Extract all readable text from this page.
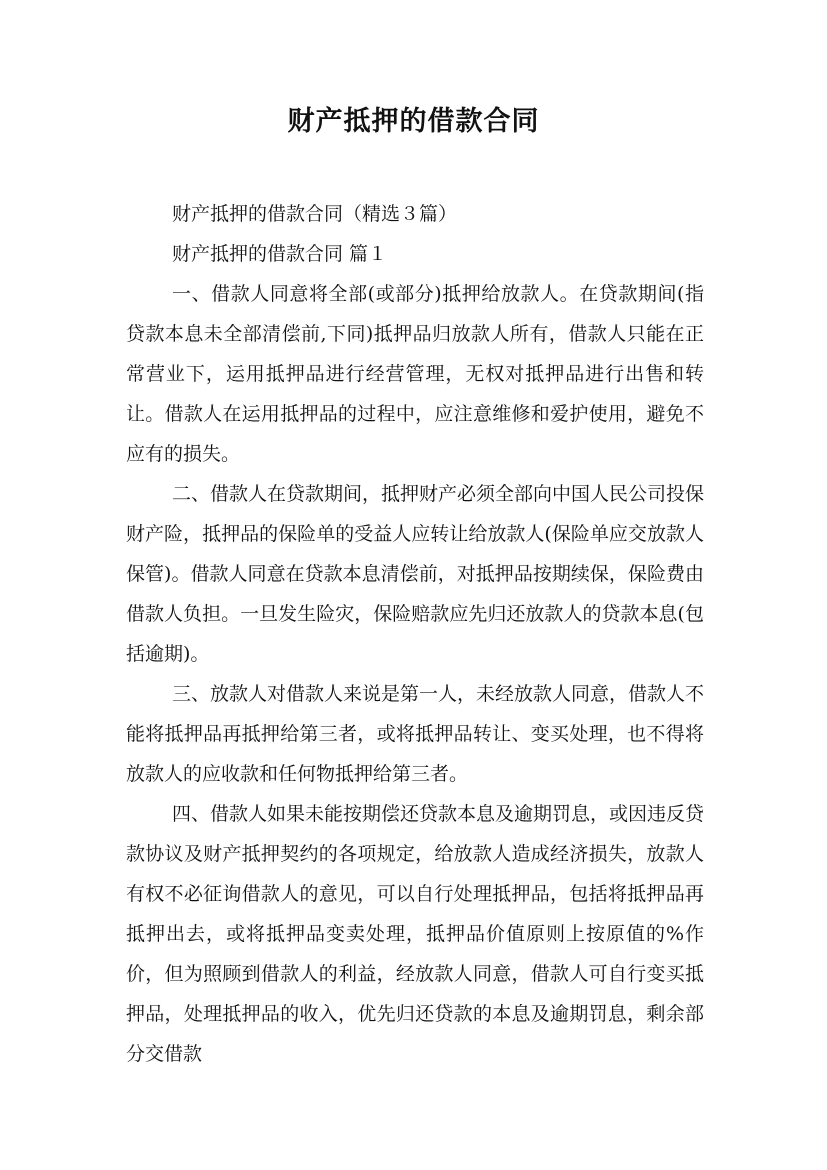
财产抵押的借款合同

财产抵押的借款合同（精选３篇）

财产抵押的借款合同 篇１

一、借款人同意将全部(或部分)抵押给放款人。在贷款期间(指贷款本息未全部清偿前,下同)抵押品归放款人所有，借款人只能在正常营业下，运用抵押品进行经营管理，无权对抵押品进行出售和转让。借款人在运用抵押品的过程中，应注意维修和爱护使用，避免不应有的损失。

二、借款人在贷款期间，抵押财产必须全部向中国人民公司投保财产险，抵押品的保险单的受益人应转让给放款人(保险单应交放款人保管)。借款人同意在贷款本息清偿前，对抵押品按期续保，保险费由借款人负担。一旦发生险灾，保险赔款应先归还放款人的贷款本息(包括逾期)。

三、放款人对借款人来说是第一人，未经放款人同意，借款人不能将抵押品再抵押给第三者，或将抵押品转让、变买处理，也不得将放款人的应收款和任何物抵押给第三者。

四、借款人如果未能按期偿还贷款本息及逾期罚息，或因违反贷款协议及财产抵押契约的各项规定，给放款人造成经济损失，放款人有权不必征询借款人的意见，可以自行处理抵押品，包括将抵押品再抵押出去，或将抵押品变卖处理，抵押品价值原则上按原值的%作价，但为照顾到借款人的利益，经放款人同意，借款人可自行变买抵押品，处理抵押品的收入，优先归还贷款的本息及逾期罚息，剩余部分交借款
